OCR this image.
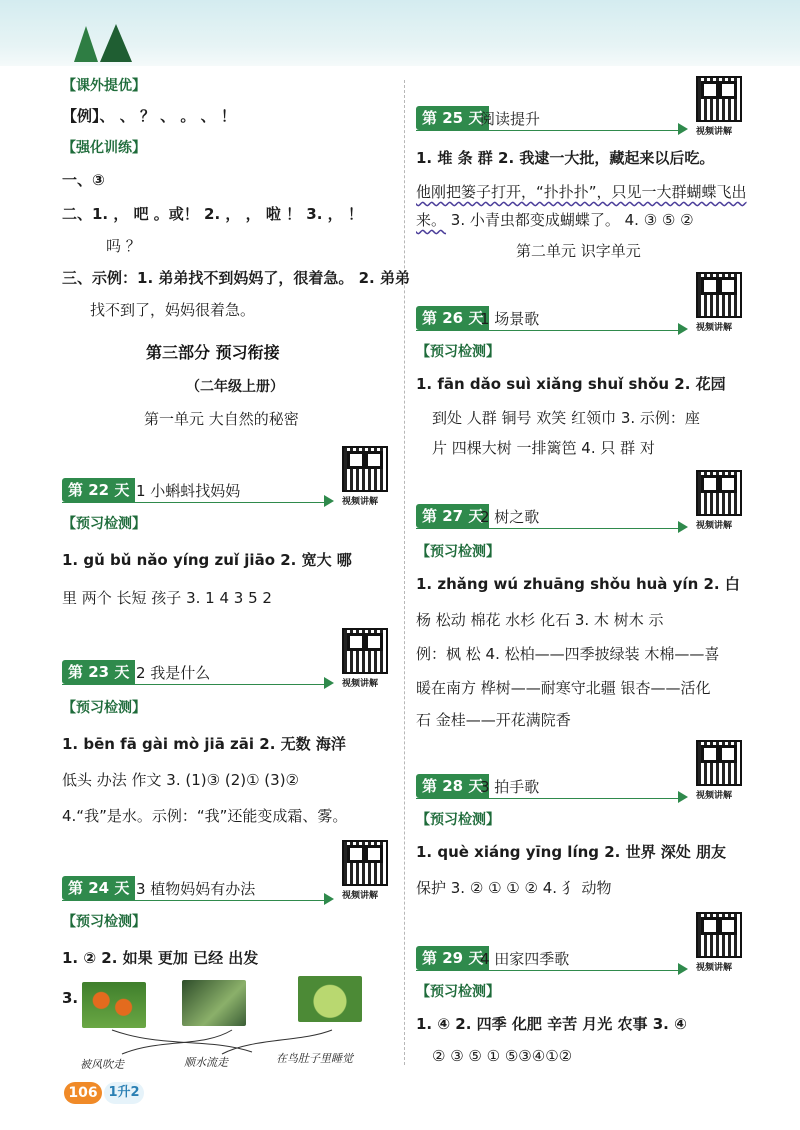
【课外提优】
【例】、 、 ？ 、 。 、 ！
【强化训练】
一、③
二、1. ， 吧 。或！ 2. ， ， 啦 ！ 3. ， ！
吗 ？
三、示例：1. 弟弟找不到妈妈了，很着急。 2. 弟弟
找不到了，妈妈很着急。
第三部分 预习衔接
（二年级上册）
第一单元 大自然的秘密
视频讲解
第 22 天 1 小蝌蚪找妈妈
【预习检测】
1. gǔ bǔ nǎo yíng zuǐ jiāo 2. 宽大 哪
里 两个 长短 孩子 3. 1 4 3 5 2
视频讲解
第 23 天 2 我是什么
【预习检测】
1. bēn fā gài mò jiā zāi 2. 无数 海洋
低头 办法 作文 3. (1)③ (2)① (3)②
4.“我”是水。示例：“我”还能变成霜、雾。
视频讲解
第 24 天 3 植物妈妈有办法
【预习检测】
1. ② 2. 如果 更加 已经 出发
3.
被风吹走	顺水流走	在鸟肚子里睡觉
视频讲解
第 25 天
阅读提升
1. 堆 条 群 2. 我逮一大批，藏起来以后吃。
他刚把篓子打开，“扑扑扑”，只见一大群蝴蝶飞出
来。 3. 小青虫都变成蝴蝶了。 4. ③ ⑤ ②
第二单元 识字单元
视频讲解
第 26 天
1 场景歌
【预习检测】
1. fān dǎo suì xiǎng shuǐ shǒu 2. 花园
到处 人群 铜号 欢笑 红领巾 3. 示例：座
片 四棵大树 一排篱笆 4. 只 群 对
视频讲解
第 27 天
2 树之歌
【预习检测】
1. zhǎng wú zhuāng shǒu huà yín 2. 白
杨 松动 棉花 水杉 化石 3. 木 树木 示
例：枫 松 4. 松柏——四季披绿装 木棉——喜
暖在南方 桦树——耐寒守北疆 银杏——活化
石 金桂——开花满院香
视频讲解
第 28 天
3 拍手歌
【预习检测】
1. què xiáng yīng líng 2. 世界 深处 朋友
保护 3. ② ① ① ② 4. 犭 动物
视频讲解
第 29 天
4 田家四季歌
【预习检测】
1. ④ 2. 四季 化肥 辛苦 月光 农事 3. ④
② ③ ⑤ ① ⑤③④①②
106 1升2
